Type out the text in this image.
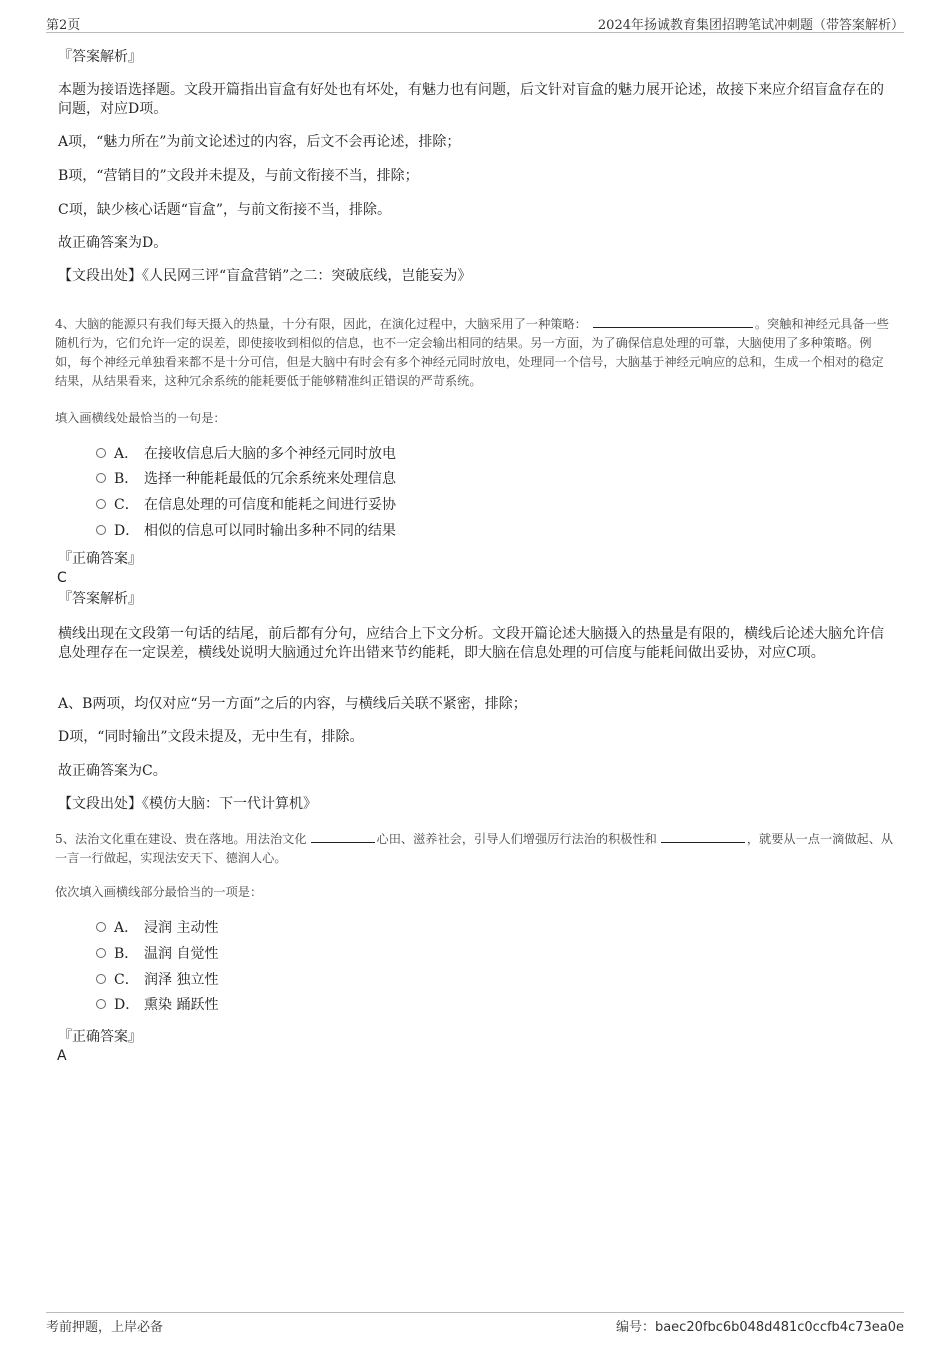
第2页	2024年扬诚教育集团招聘笔试冲刺题（带答案解析）
『答案解析』

本题为接语选择题。文段开篇指出盲盒有好处也有坏处，有魅力也有问题，后文针对盲盒的魅力展开论述，故接下来应介绍盲盒存在的问题，对应D项。

A项，“魅力所在”为前文论述过的内容，后文不会再论述，排除；

B项，“营销目的”文段并未提及，与前文衔接不当，排除；

C项，缺少核心话题“盲盒”，与前文衔接不当，排除。

故正确答案为D。

【文段出处】《人民网三评“盲盒营销”之二：突破底线，岂能妄为》

4、大脑的能源只有我们每天摄入的热量，十分有限，因此，在演化过程中，大脑采用了一种策略：	。突触和神经元具备一些随机行为，它们允许一定的误差，即使接收到相似的信息，也不一定会输出相同的结果。另一方面，为了确保信息处理的可靠，大脑使用了多种策略。例如，每个神经元单独看来都不是十分可信，但是大脑中有时会有多个神经元同时放电，处理同一个信号，大脑基于神经元响应的总和，生成一个相对的稳定结果，从结果看来，这种冗余系统的能耗要低于能够精准纠正错误的严苛系统。

填入画横线处最恰当的一句是：

A． 在接收信息后大脑的多个神经元同时放电
B． 选择一种能耗最低的冗余系统来处理信息
C． 在信息处理的可信度和能耗之间进行妥协
D． 相似的信息可以同时输出多种不同的结果
『正确答案』
C
『答案解析』

横线出现在文段第一句话的结尾，前后都有分句，应结合上下文分析。文段开篇论述大脑摄入的热量是有限的，横线后论述大脑允许信息处理存在一定误差，横线处说明大脑通过允许出错来节约能耗，即大脑在信息处理的可信度与能耗间做出妥协，对应C项。

A、B两项，均仅对应“另一方面”之后的内容，与横线后关联不紧密，排除；

D项，“同时输出”文段未提及，无中生有，排除。

故正确答案为C。

【文段出处】《模仿大脑：下一代计算机》

5、法治文化重在建设、贵在落地。用法治文化	心田、滋养社会，引导人们增强厉行法治的积极性和	，就要从一点一滴做起、从一言一行做起，实现法安天下、德润人心。

依次填入画横线部分最恰当的一项是：

A． 浸润 主动性
B． 温润 自觉性
C． 润泽 独立性
D． 熏染 踊跃性
『正确答案』
A
考前押题，上岸必备	编号：baec20fbc6b048d481c0ccfb4c73ea0e
